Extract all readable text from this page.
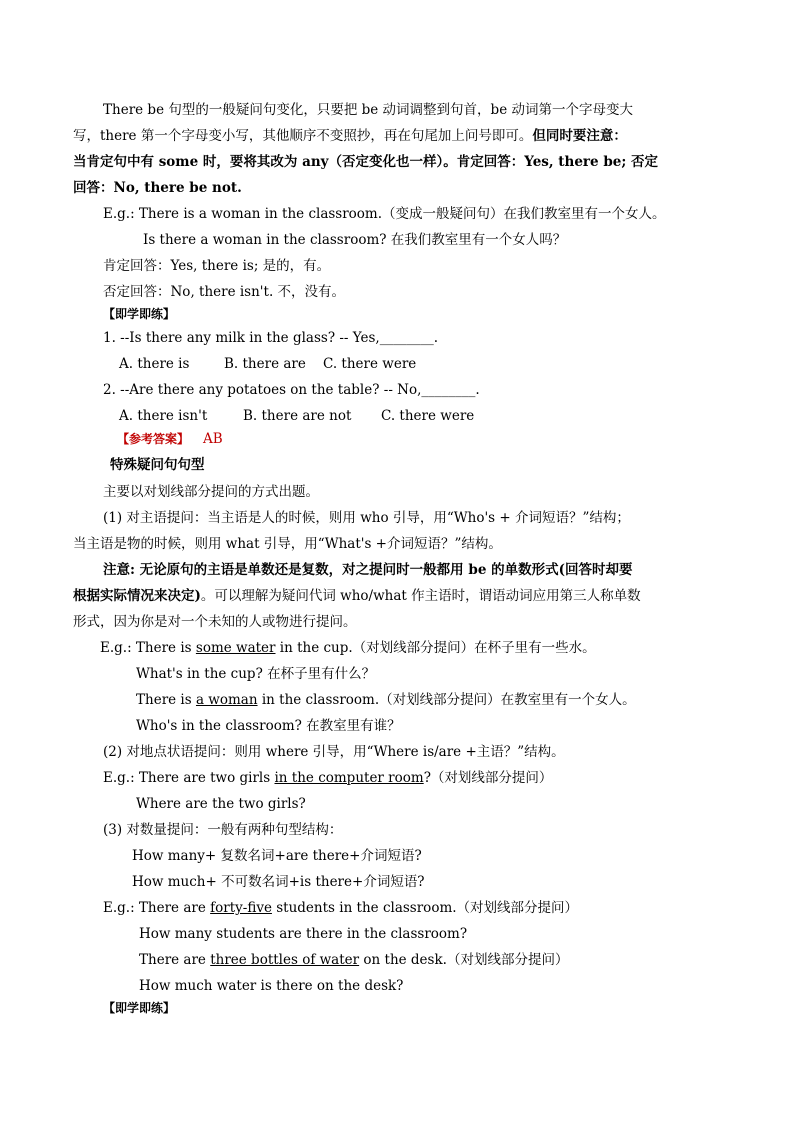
There be 句型的一般疑问句变化，只要把 be 动词调整到句首，be 动词第一个字母变大
写，there 第一个字母变小写，其他顺序不变照抄，再在句尾加上问号即可。但同时要注意：
当肯定句中有 some 时，要将其改为 any（否定变化也一样）。肯定回答：Yes, there be; 否定
回答：No, there be not.
E.g.: There is a woman in the classroom.（变成一般疑问句）在我们教室里有一个女人。
Is there a woman in the classroom? 在我们教室里有一个女人吗？
肯定回答：Yes, there is; 是的，有。
否定回答：No, there isn't. 不，没有。
【即学即练】
1. --Is there any milk in the glass? -- Yes,________.
A. there is	B. there are C. there were
2. --Are there any potatoes on the table? -- No,________.
A. there isn't	B. there are not C. there were
【参考答案】 AB
特殊疑问句句型
主要以对划线部分提问的方式出题。
(1) 对主语提问：当主语是人的时候，则用 who 引导，用“Who's + 介词短语？”结构；
当主语是物的时候，则用 what 引导，用“What's +介词短语？”结构。
注意: 无论原句的主语是单数还是复数，对之提问时一般都用 be 的单数形式(回答时却要
根据实际情况来决定)。可以理解为疑问代词 who/what 作主语时，谓语动词应用第三人称单数
形式，因为你是对一个未知的人或物进行提问。
E.g.: There is some water in the cup.（对划线部分提问）在杯子里有一些水。
What's in the cup? 在杯子里有什么？
There is a woman in the classroom.（对划线部分提问）在教室里有一个女人。
Who's in the classroom? 在教室里有谁？
(2) 对地点状语提问：则用 where 引导，用“Where is/are +主语？”结构。
E.g.: There are two girls in the computer room?（对划线部分提问）
Where are the two girls?
(3) 对数量提问：一般有两种句型结构：
How many+ 复数名词+are there+介词短语?
How much+ 不可数名词+is there+介词短语?
E.g.: There are forty-five students in the classroom.（对划线部分提问）
How many students are there in the classroom?
There are three bottles of water on the desk.（对划线部分提问）
How much water is there on the desk?
【即学即练】
